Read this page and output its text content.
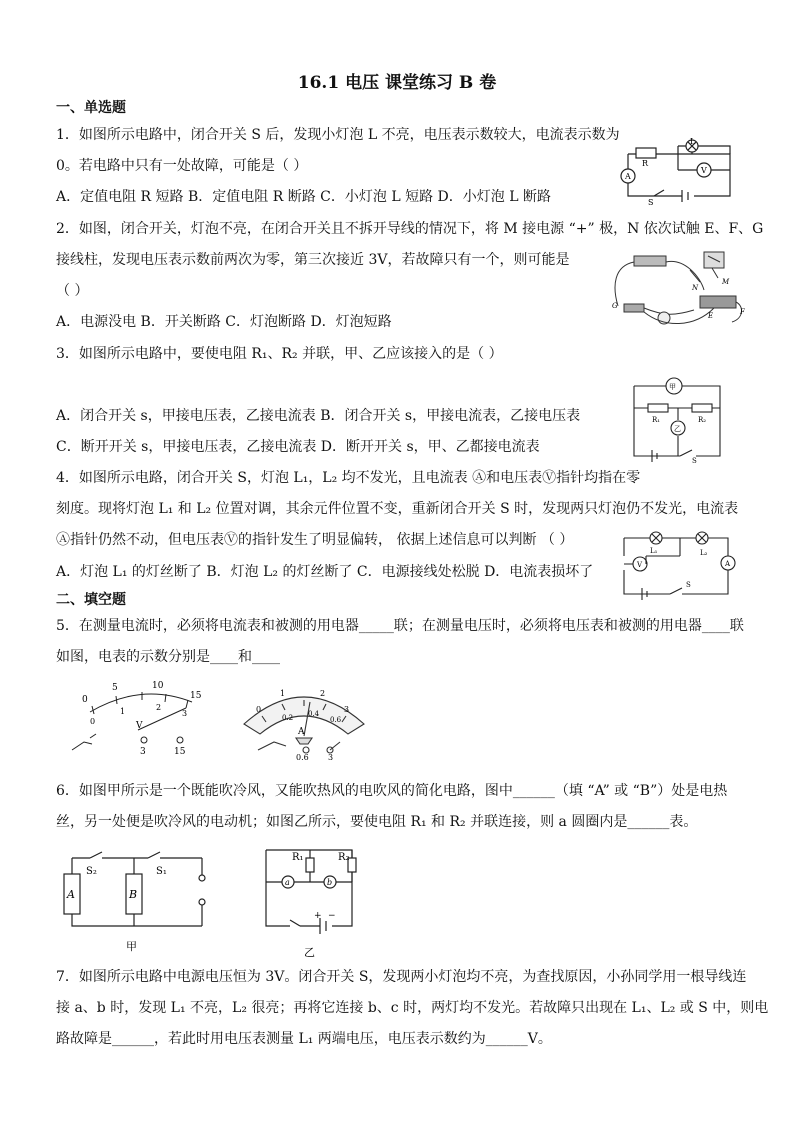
16.1 电压 课堂练习 B 卷
一、单选题
1．如图所示电路中，闭合开关 S 后，发现小灯泡 L 不亮，电压表示数较大，电流表示数为
0。若电路中只有一处故障，可能是（ ）
A．定值电阻 R 短路 B．定值电阻 R 断路 C．小灯泡 L 短路 D．小灯泡 L 断路
R
L
A
V
S
2．如图，闭合开关，灯泡不亮，在闭合开关且不拆开导线的情况下，将 M 接电源 “+” 极，N 依次试触 E、F、G
接线柱，发现电压表示数前两次为零，第三次接近 3V，若故障只有一个，则可能是
（ ）
A．电源没电 B．开关断路 C．灯泡断路 D．灯泡短路
G
N
M
E	F
3．如图所示电路中，要使电阻 R₁、R₂ 并联，甲、乙应该接入的是（ ）
A．闭合开关 s，甲接电压表，乙接电流表 B．闭合开关 s，甲接电流表，乙接电压表
C．断开开关 s，甲接电压表，乙接电流表 D．断开开关 s，甲、乙都接电流表
甲
乙
R₁	R₂
S
4．如图所示电路，闭合开关 S，灯泡 L₁，L₂ 均不发光，且电流表 Ⓐ和电压表Ⓥ指针均指在零
刻度。现将灯泡 L₁ 和 L₂ 位置对调，其余元件位置不变，重新闭合开关 S 时，发现两只灯泡仍不发光，电流表
Ⓐ指针仍然不动，但电压表Ⓥ的指针发生了明显偏转， 依据上述信息可以判断 （ ）
A．灯泡 L₁ 的灯丝断了 B．灯泡 L₂ 的灯丝断了 C．电源接线处松脱 D．电流表损坏了
L₁	L₂
V	A
S
二、填空题
5．在测量电流时，必须将电流表和被测的用电器_____联；在测量电压时，必须将电压表和被测的用电器____联
如图，电表的示数分别是____和____
0
5	10
15
0
1	2
3
V
3	15
0
1	2
3
0.2 0.4
0.6
A
0.6 3
6．如图甲所示是一个既能吹冷风，又能吹热风的电吹风的简化电路，图中______（填 “A” 或 “B”）处是电热
丝，另一处便是吹冷风的电动机；如图乙所示，要使电阻 R₁ 和 R₂ 并联连接，则 a 圆圈内是______表。
S₂	S₁
A	B
甲
R₁	R₂
a	b
+ −
乙
7．如图所示电路中电源电压恒为 3V。闭合开关 S，发现两小灯泡均不亮，为查找原因，小孙同学用一根导线连
接 a、b 时，发现 L₁ 不亮，L₂ 很亮；再将它连接 b、c 时，两灯均不发光。若故障只出现在 L₁、L₂ 或 S 中，则电
路故障是______，若此时用电压表测量 L₁ 两端电压，电压表示数约为______V。
